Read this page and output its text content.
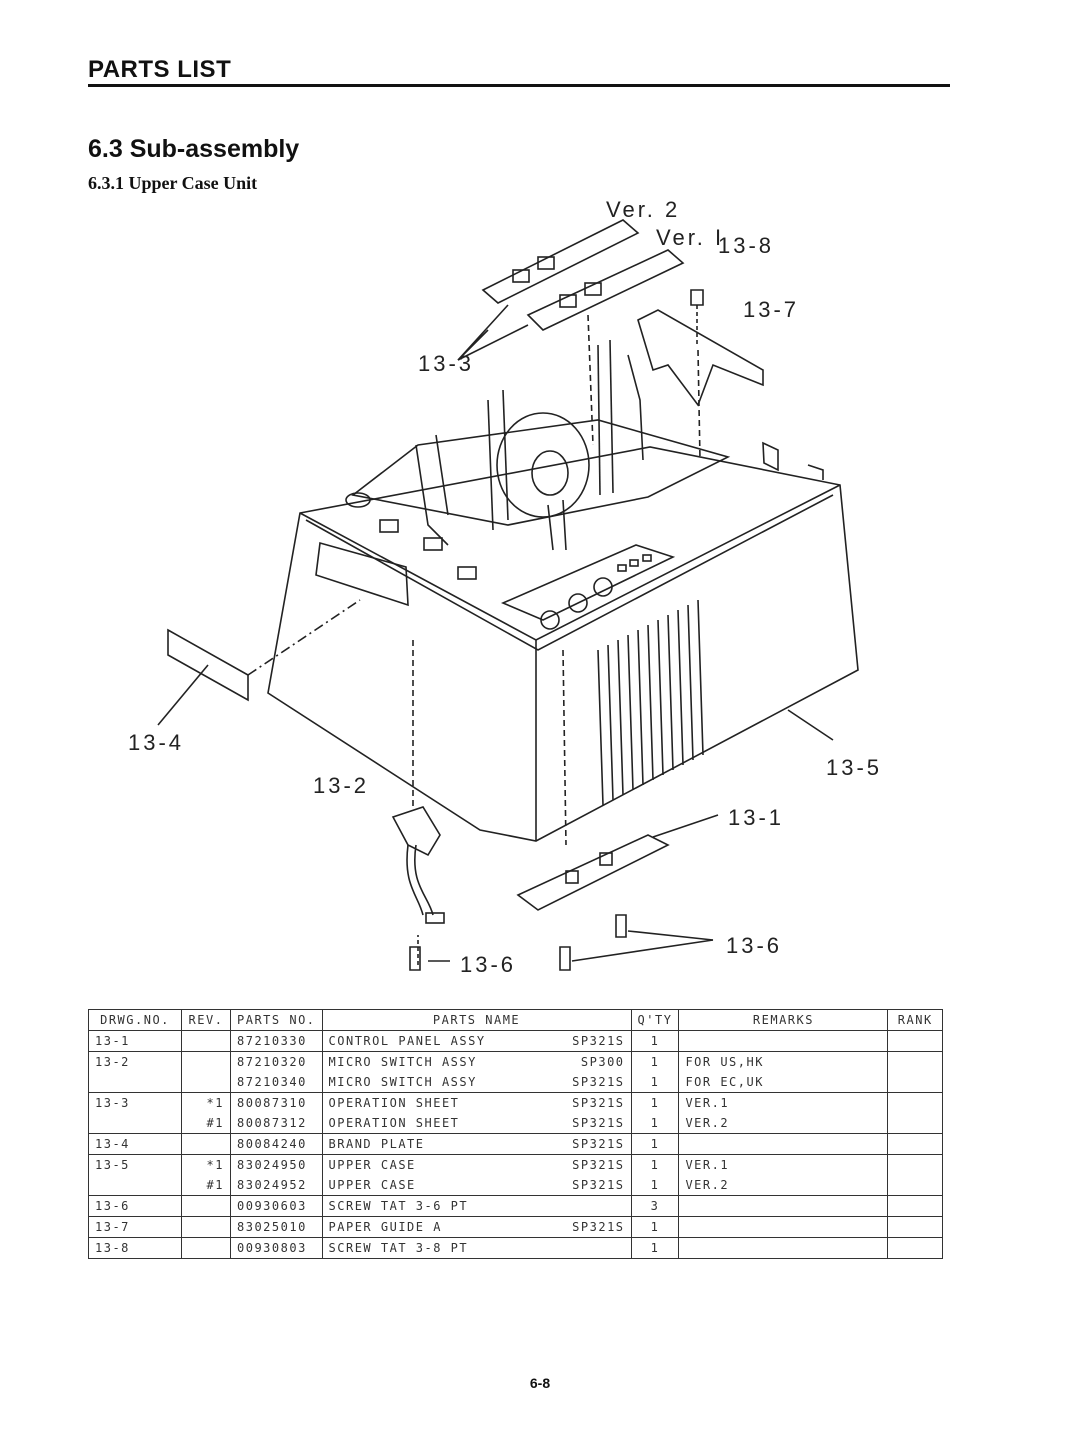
PARTS LIST
6.3 Sub-assembly
6.3.1 Upper Case Unit
Ver. 2
Ver. I
13-8
13-7
13-3
13-4
13-5
13-2
13-1
13-6
13-6
DRWG.NO.	REV.	PARTS NO.	PARTS NAME	Q'TY	REMARKS	RANK
13-1		87210330	CONTROL PANEL ASSY SP321S	1		
13-2		87210320	MICRO SWITCH ASSY SP300	1	FOR US,HK	
		87210340	MICRO SWITCH ASSY SP321S	1	FOR EC,UK	
13-3	*1	80087310	OPERATION SHEET SP321S	1	VER.1	
	#1	80087312	OPERATION SHEET SP321S	1	VER.2	
13-4		80084240	BRAND PLATE SP321S	1		
13-5	*1	83024950	UPPER CASE SP321S	1	VER.1	
	#1	83024952	UPPER CASE SP321S	1	VER.2	
13-6		00930603	SCREW TAT 3-6 PT	3		
13-7		83025010	PAPER GUIDE A SP321S	1		
13-8		00930803	SCREW TAT 3-8 PT	1		
6-8
